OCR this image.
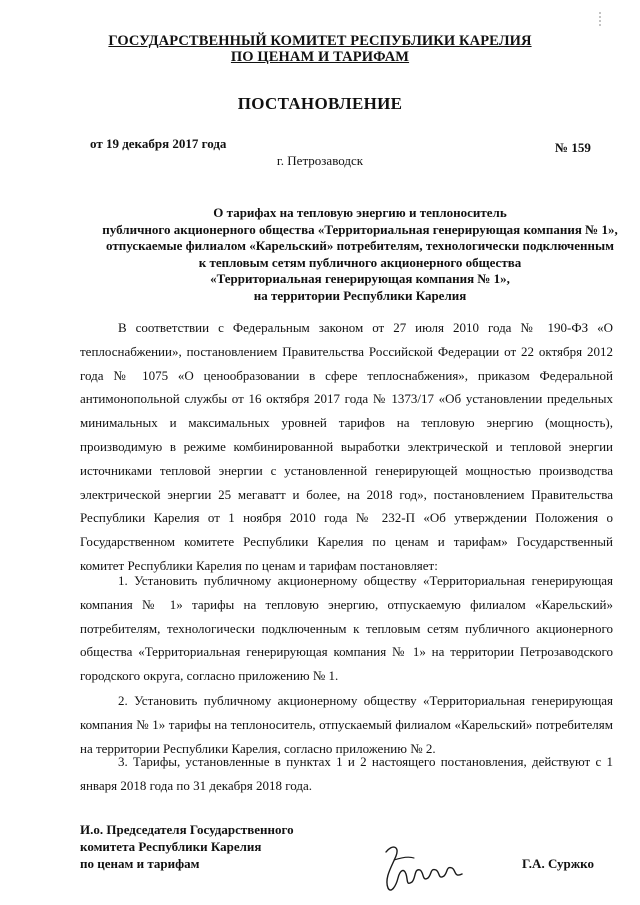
ГОСУДАРСТВЕННЫЙ КОМИТЕТ РЕСПУБЛИКИ КАРЕЛИЯ
ПО ЦЕНАМ И ТАРИФАМ
ПОСТАНОВЛЕНИЕ
от 19 декабря 2017 года	№ 159
г. Петрозаводск
О тарифах на тепловую энергию и теплоноситель
публичного акционерного общества «Территориальная генерирующая компания № 1»,
отпускаемые филиалом «Карельский» потребителям, технологически подключенным
к тепловым сетям публичного акционерного общества
«Территориальная генерирующая компания № 1»,
на территории Республики Карелия
В соответствии с Федеральным законом от 27 июля 2010 года № 190-ФЗ «О теплоснабжении», постановлением Правительства Российской Федерации от 22 октября 2012 года № 1075 «О ценообразовании в сфере теплоснабжения», приказом Федеральной антимонопольной службы от 16 октября 2017 года № 1373/17 «Об установлении предельных минимальных и максимальных уровней тарифов на тепловую энергию (мощность), производимую в режиме комбинированной выработки электрической и тепловой энергии источниками тепловой энергии с установленной генерирующей мощностью производства электрической энергии 25 мегаватт и более, на 2018 год», постановлением Правительства Республики Карелия от 1 ноября 2010 года № 232-П «Об утверждении Положения о Государственном комитете Республики Карелия по ценам и тарифам» Государственный комитет Республики Карелия по ценам и тарифам постановляет:
1. Установить публичному акционерному обществу «Территориальная генерирующая компания № 1» тарифы на тепловую энергию, отпускаемую филиалом «Карельский» потребителям, технологически подключенным к тепловым сетям публичного акционерного общества «Территориальная генерирующая компания № 1» на территории Петрозаводского городского округа, согласно приложению № 1.
2. Установить публичному акционерному обществу «Территориальная генерирующая компания № 1» тарифы на теплоноситель, отпускаемый филиалом «Карельский» потребителям на территории Республики Карелия, согласно приложению № 2.
3. Тарифы, установленные в пунктах 1 и 2 настоящего постановления, действуют с 1 января 2018 года по 31 декабря 2018 года.
И.о. Председателя Государственного
комитета Республики Карелия
по ценам и тарифам	Г.А. Суржко
